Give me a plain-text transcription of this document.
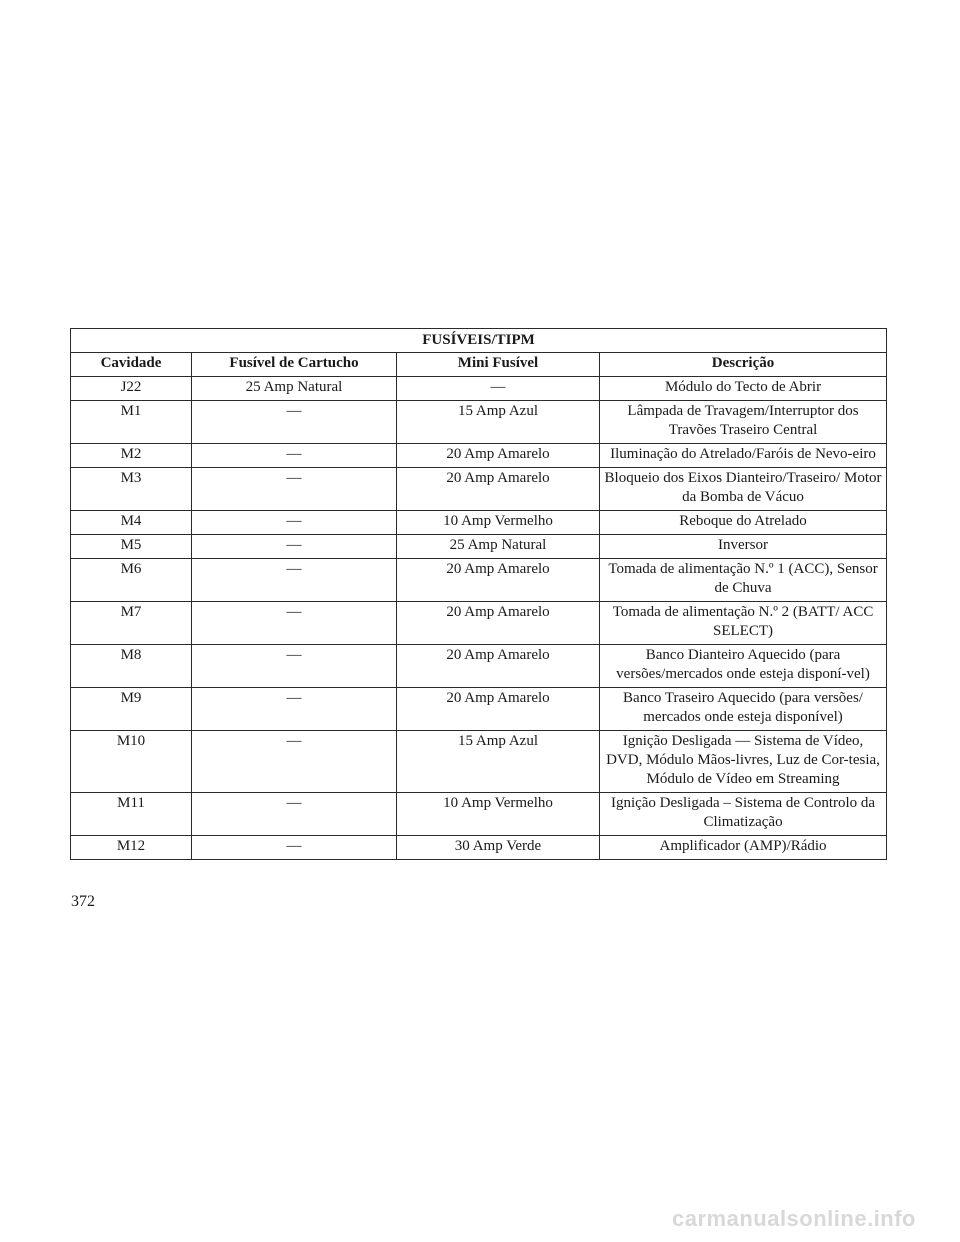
FUSÍVEIS/TIPM			
Cavidade	Fusível de Cartucho	Mini Fusível	Descrição
J22	25 Amp Natural	—	Módulo do Tecto de Abrir
M1	—	15 Amp Azul	Lâmpada de Travagem/Interruptor dos Travões Traseiro Central
M2	—	20 Amp Amarelo	Iluminação do Atrelado/Faróis de Nevo-eiro
M3	—	20 Amp Amarelo	Bloqueio dos Eixos Dianteiro/Traseiro/ Motor da Bomba de Vácuo
M4	—	10 Amp Vermelho	Reboque do Atrelado
M5	—	25 Amp Natural	Inversor
M6	—	20 Amp Amarelo	Tomada de alimentação N.º 1 (ACC), Sensor de Chuva
M7	—	20 Amp Amarelo	Tomada de alimentação N.º 2 (BATT/ ACC SELECT)
M8	—	20 Amp Amarelo	Banco Dianteiro Aquecido (para versões/mercados onde esteja disponí-vel)
M9	—	20 Amp Amarelo	Banco Traseiro Aquecido (para versões/ mercados onde esteja disponível)
M10	—	15 Amp Azul	Ignição Desligada — Sistema de Vídeo, DVD, Módulo Mãos-livres, Luz de Cor-tesia, Módulo de Vídeo em Streaming
M11	—	10 Amp Vermelho	Ignição Desligada – Sistema de Controlo da Climatização
M12	—	30 Amp Verde	Amplificador (AMP)/Rádio
372
carmanualsonline.info
